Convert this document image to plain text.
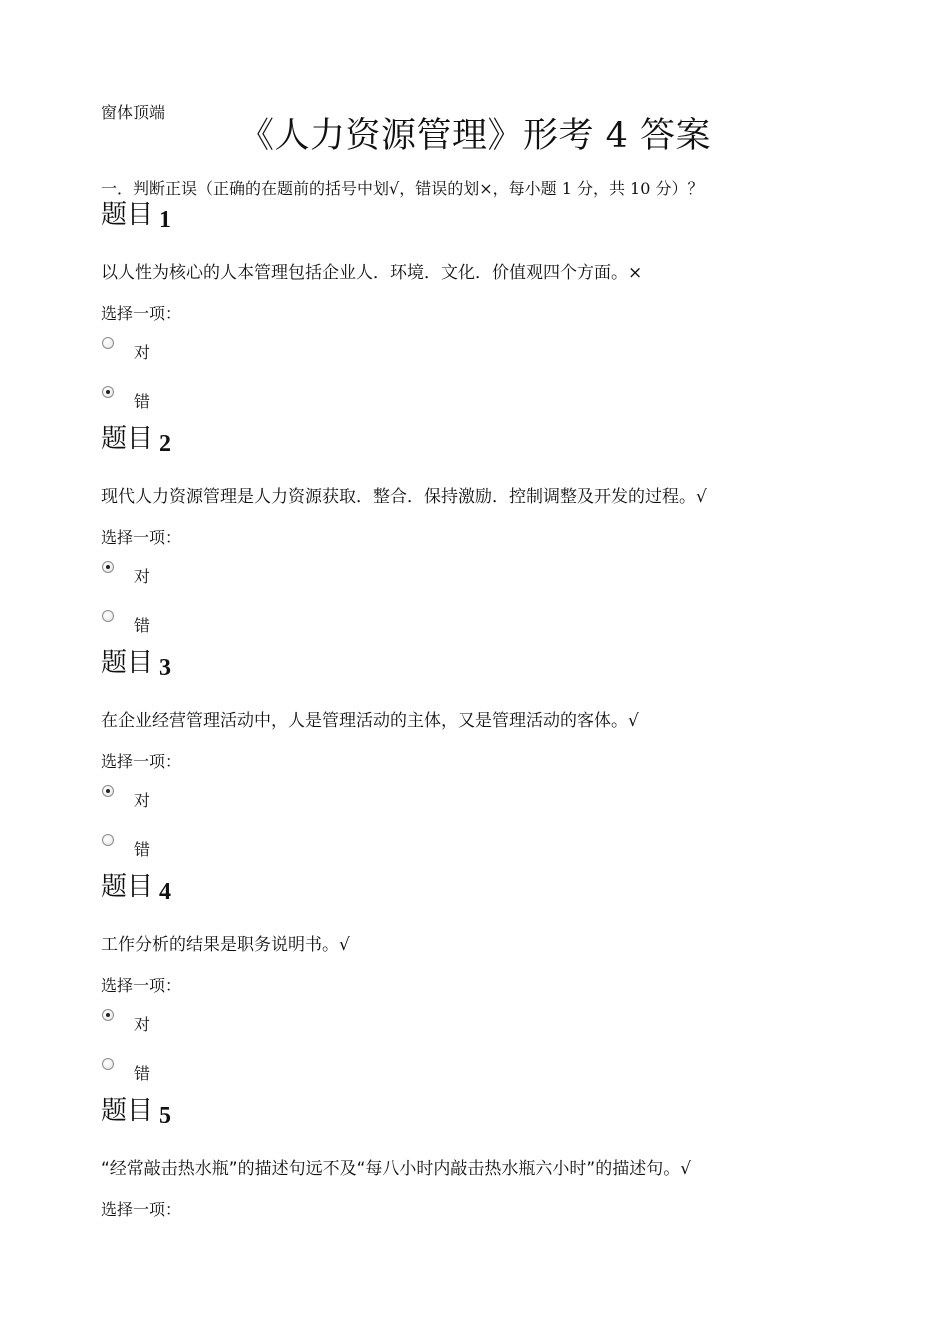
窗体顶端
《人力资源管理》形考 4 答案
一．判断正误（正确的在题前的括号中划√，错误的划×，每小题 1 分，共 10 分）？
题目 1
以人性为核心的人本管理包括企业人．环境．文化．价值观四个方面。×
选择一项：
对
错
题目 2
现代人力资源管理是人力资源获取．整合．保持激励．控制调整及开发的过程。√
选择一项：
对
错
题目 3
在企业经营管理活动中，人是管理活动的主体，又是管理活动的客体。√
选择一项：
对
错
题目 4
工作分析的结果是职务说明书。√
选择一项：
对
错
题目 5
“经常敲击热水瓶”的描述句远不及“每八小时内敲击热水瓶六小时”的描述句。√
选择一项：
